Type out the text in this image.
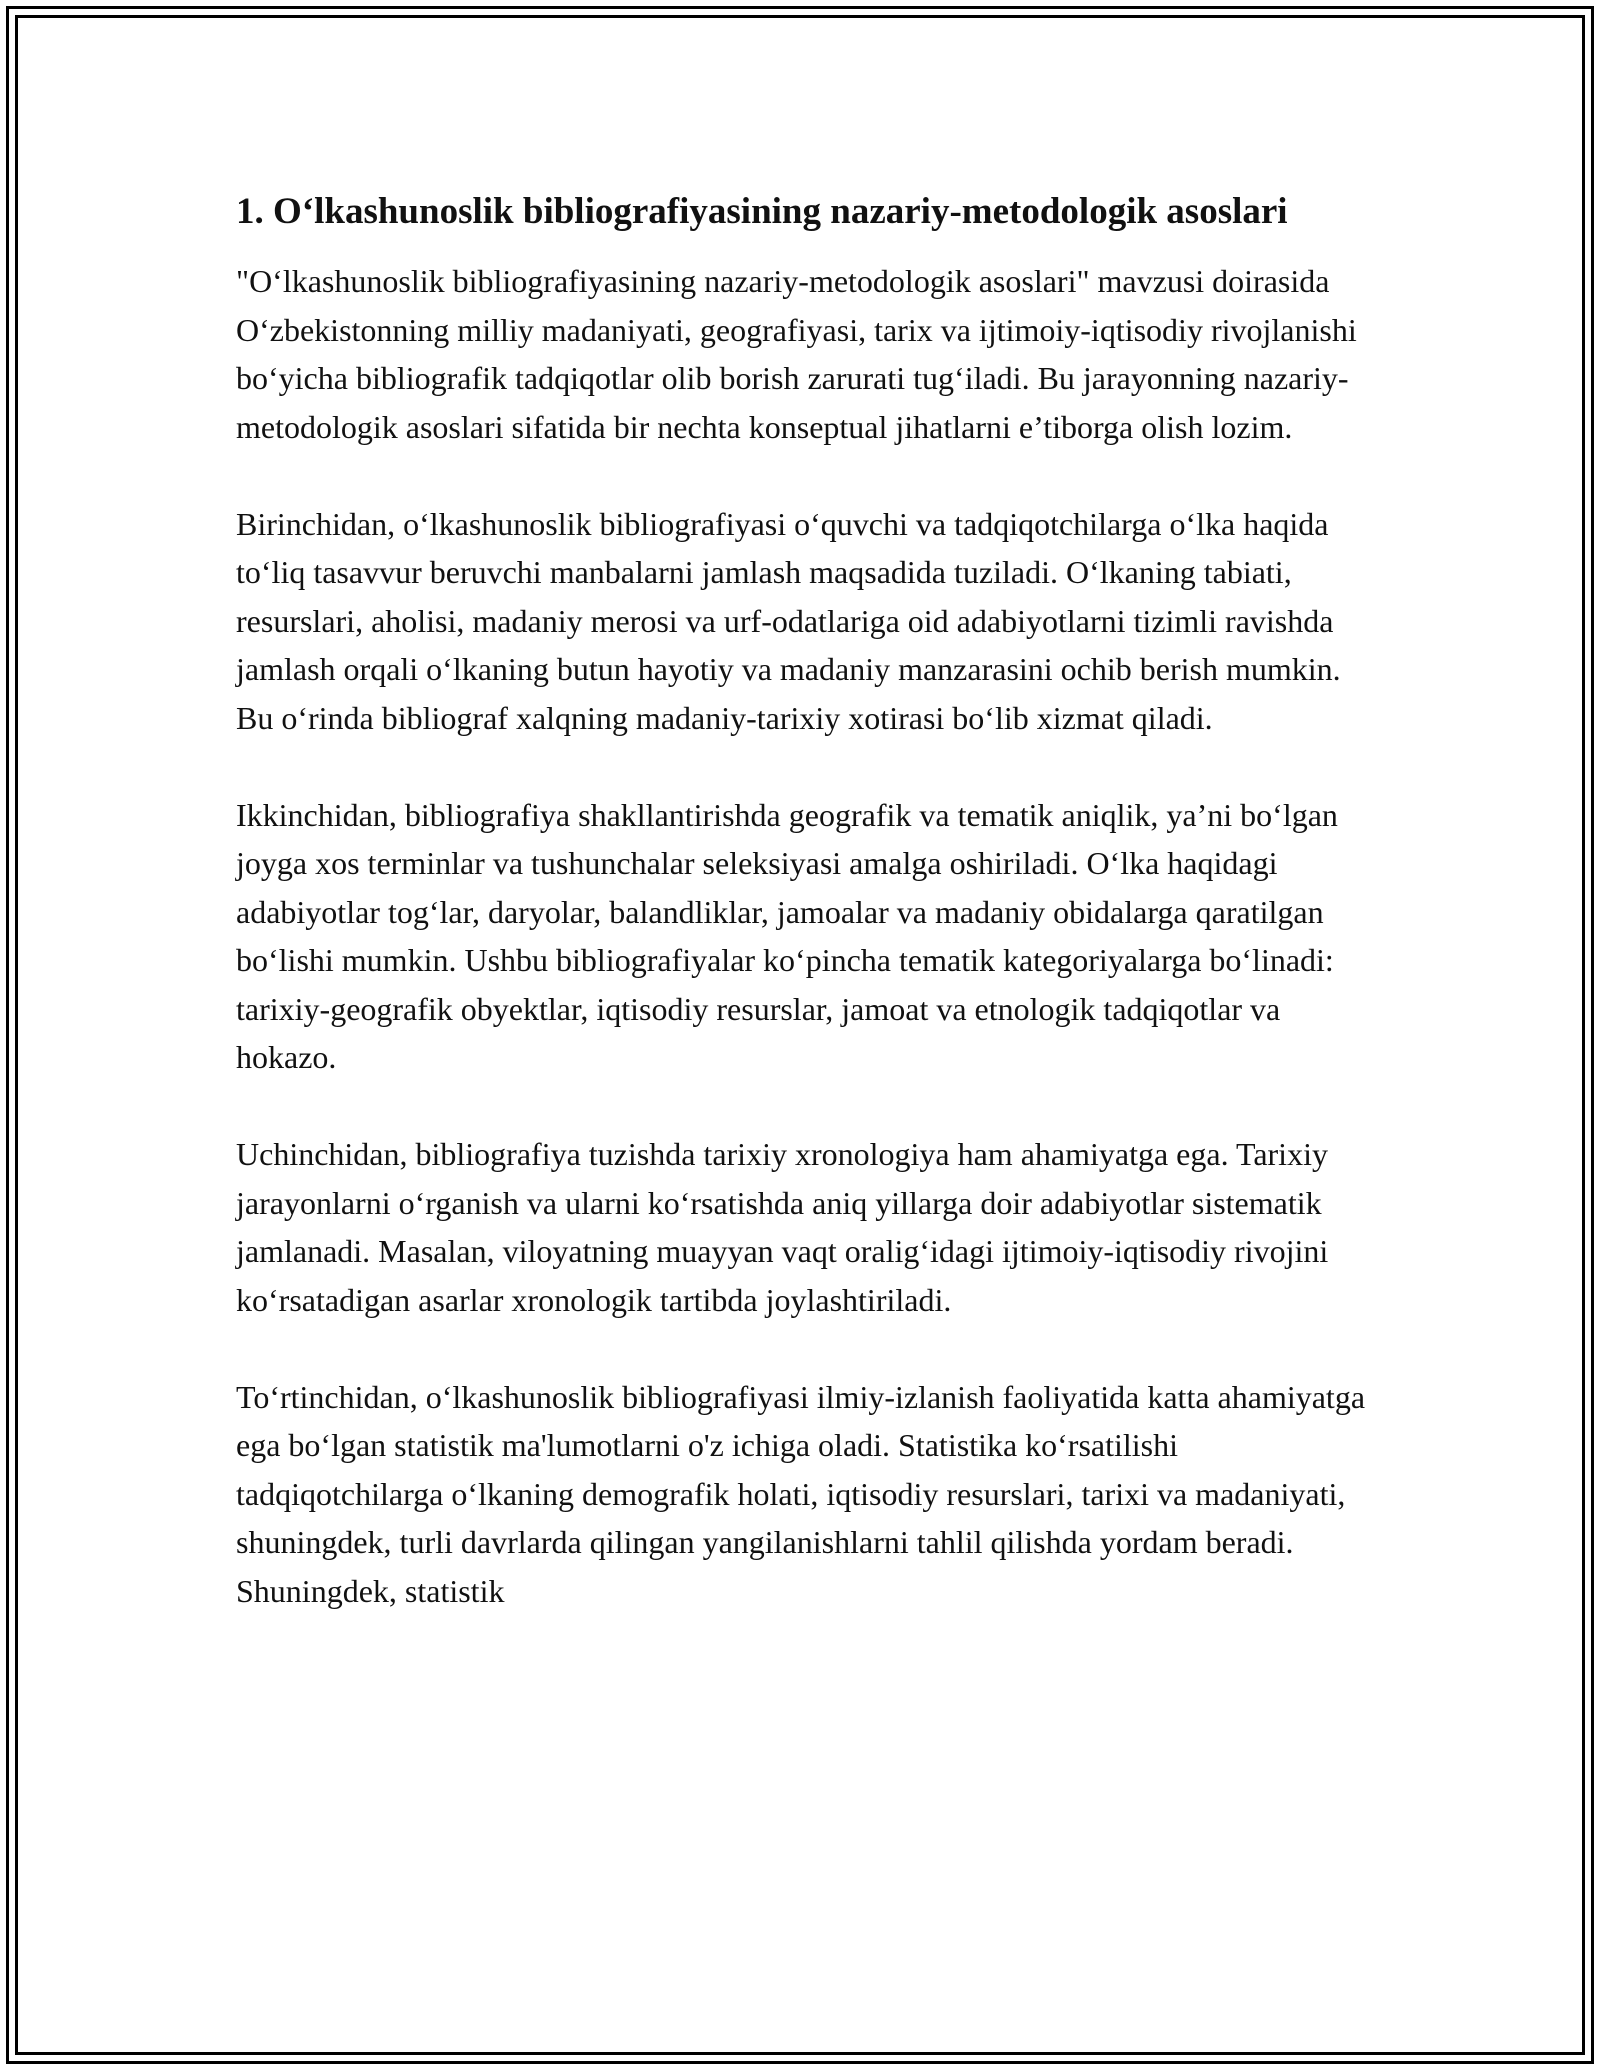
1. O‘lkashunoslik bibliografiyasining nazariy-metodologik asoslari

"O‘lkashunoslik bibliografiyasining nazariy-metodologik asoslari" mavzusi doirasida O‘zbekistonning milliy madaniyati, geografiyasi, tarix va ijtimoiy-iqtisodiy rivojlanishi bo‘yicha bibliografik tadqiqotlar olib borish zarurati tug‘iladi. Bu jarayonning nazariy-metodologik asoslari sifatida bir nechta konseptual jihatlarni e’tiborga olish lozim.

Birinchidan, o‘lkashunoslik bibliografiyasi o‘quvchi va tadqiqotchilarga o‘lka haqida to‘liq tasavvur beruvchi manbalarni jamlash maqsadida tuziladi. O‘lkaning tabiati, resurslari, aholisi, madaniy merosi va urf-odatlariga oid adabiyotlarni tizimli ravishda jamlash orqali o‘lkaning butun hayotiy va madaniy manzarasini ochib berish mumkin. Bu o‘rinda bibliograf xalqning madaniy-tarixiy xotirasi bo‘lib xizmat qiladi.

Ikkinchidan, bibliografiya shakllantirishda geografik va tematik aniqlik, ya’ni bo‘lgan joyga xos terminlar va tushunchalar seleksiyasi amalga oshiriladi. O‘lka haqidagi adabiyotlar tog‘lar, daryolar, balandliklar, jamoalar va madaniy obidalarga qaratilgan bo‘lishi mumkin. Ushbu bibliografiyalar ko‘pincha tematik kategoriyalarga bo‘linadi: tarixiy-geografik obyektlar, iqtisodiy resurslar, jamoat va etnologik tadqiqotlar va hokazo.

Uchinchidan, bibliografiya tuzishda tarixiy xronologiya ham ahamiyatga ega. Tarixiy jarayonlarni o‘rganish va ularni ko‘rsatishda aniq yillarga doir adabiyotlar sistematik jamlanadi. Masalan, viloyatning muayyan vaqt oralig‘idagi ijtimoiy-iqtisodiy rivojini ko‘rsatadigan asarlar xronologik tartibda joylashtiriladi.

To‘rtinchidan, o‘lkashunoslik bibliografiyasi ilmiy-izlanish faoliyatida katta ahamiyatga ega bo‘lgan statistik ma'lumotlarni o'z ichiga oladi. Statistika ko‘rsatilishi tadqiqotchilarga o‘lkaning demografik holati, iqtisodiy resurslari, tarixi va madaniyati, shuningdek, turli davrlarda qilingan yangilanishlarni tahlil qilishda yordam beradi. Shuningdek, statistik
